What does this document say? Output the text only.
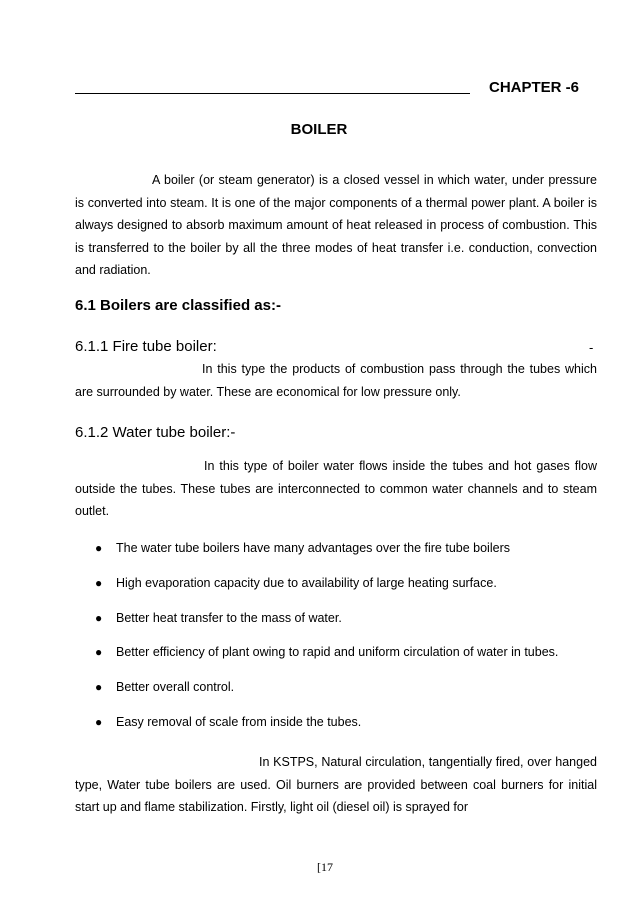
CHAPTER -6
BOILER

A boiler (or steam generator) is a closed vessel in which water, under pressure is converted into steam. It is one of the major components of a thermal power plant. A boiler is always designed to absorb maximum amount of heat released in process of combustion. This is transferred to the boiler by all the three modes of heat transfer i.e. conduction, convection and radiation.

6.1 Boilers are classified as:-
6.1.1 Fire tube boiler:	-

In this type the products of combustion pass through the tubes which are surrounded by water. These are economical for low pressure only.

6.1.2 Water tube boiler:-

In this type of boiler water flows inside the tubes and hot gases flow outside the tubes. These tubes are interconnected to common water channels and to steam outlet.

● The water tube boilers have many advantages over the fire tube boilers
● High evaporation capacity due to availability of large heating surface.
● Better heat transfer to the mass of water.
● Better efficiency of plant owing to rapid and uniform circulation of water in tubes.
● Better overall control.
● Easy removal of scale from inside the tubes.

In KSTPS, Natural circulation, tangentially fired, over hanged type, Water tube boilers are used. Oil burners are provided between coal burners for initial start up and flame stabilization. Firstly, light oil (diesel oil) is sprayed for

[17
